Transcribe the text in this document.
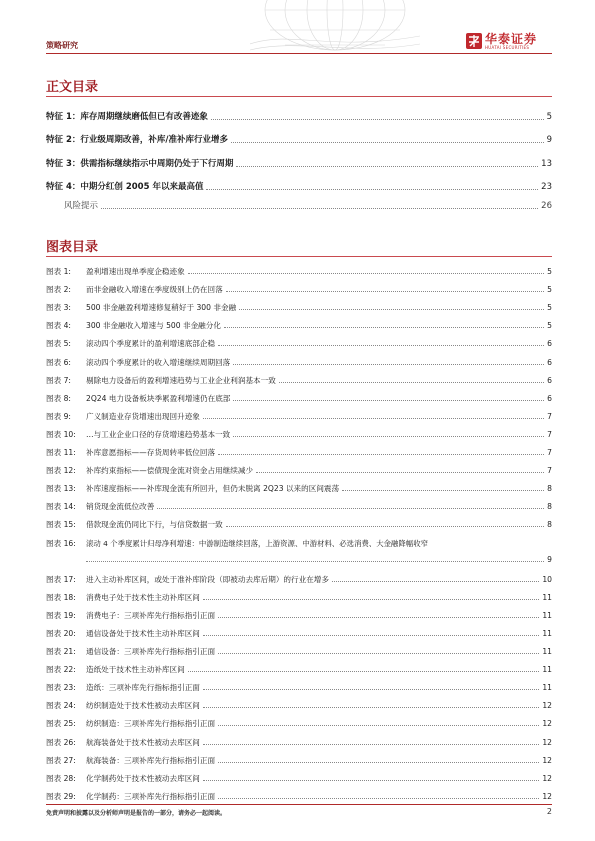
策略研究	华泰证券
HUATAI SECURITIES
正文目录
特征 1：库存周期继续磨低但已有改善迹象	5
特征 2：行业级周期改善，补库/准补库行业增多	9
特征 3：供需指标继续指示中周期仍处于下行周期	13
特征 4：中期分红创 2005 年以来最高值	23
风险提示	26
图表目录
图表 1:	盈利增速出现单季度企稳迹象	5
图表 2:	而非金融收入增速在季度级别上仍在回落	5
图表 3:	500 非金融盈利增速修复稍好于 300 非金融	5
图表 4:	300 非金融收入增速与 500 非金融分化	5
图表 5:	滚动四个季度累计的盈利增速底部企稳	6
图表 6:	滚动四个季度累计的收入增速继续周期回落	6
图表 7:	剔除电力设备后的盈利增速趋势与工业企业利润基本一致	6
图表 8:	2Q24 电力设备板块季累盈利增速仍在底部	6
图表 9:	广义制造业存货增速出现回升迹象	7
图表 10:	…与工业企业口径的存货增速趋势基本一致	7
图表 11:	补库意愿指标——存货周转率低位回落	7
图表 12:	补库约束指标——偿债现金流对资金占用继续减少	7
图表 13:	补库速度指标——补库现金流有所回升，但仍未脱离 2Q23 以来的区间震荡	8
图表 14:	销货现金流低位改善	8
图表 15:	借款现金流仍同比下行，与信贷数据一致	8
图表 16:	滚动 4 个季度累计归母净利增速：中游制造继续回落，上游资源、中游材料、必选消费、大金融降幅收窄
9
图表 17:	进入主动补库区间，或处于准补库阶段（即被动去库后期）的行业在增多	10
图表 18:	消费电子处于技术性主动补库区间	11
图表 19:	消费电子：三项补库先行指标指引正面	11
图表 20:	通信设备处于技术性主动补库区间	11
图表 21:	通信设备：三项补库先行指标指引正面	11
图表 22:	造纸处于技术性主动补库区间	11
图表 23:	造纸：三项补库先行指标指引正面	11
图表 24:	纺织制造处于技术性被动去库区间	12
图表 25:	纺织制造：三项补库先行指标指引正面	12
图表 26:	航海装备处于技术性被动去库区间	12
图表 27:	航海装备：三项补库先行指标指引正面	12
图表 28:	化学制药处于技术性被动去库区间	12
图表 29:	化学制药：三项补库先行指标指引正面	12
免责声明和披露以及分析师声明是报告的一部分，请务必一起阅读。	2
